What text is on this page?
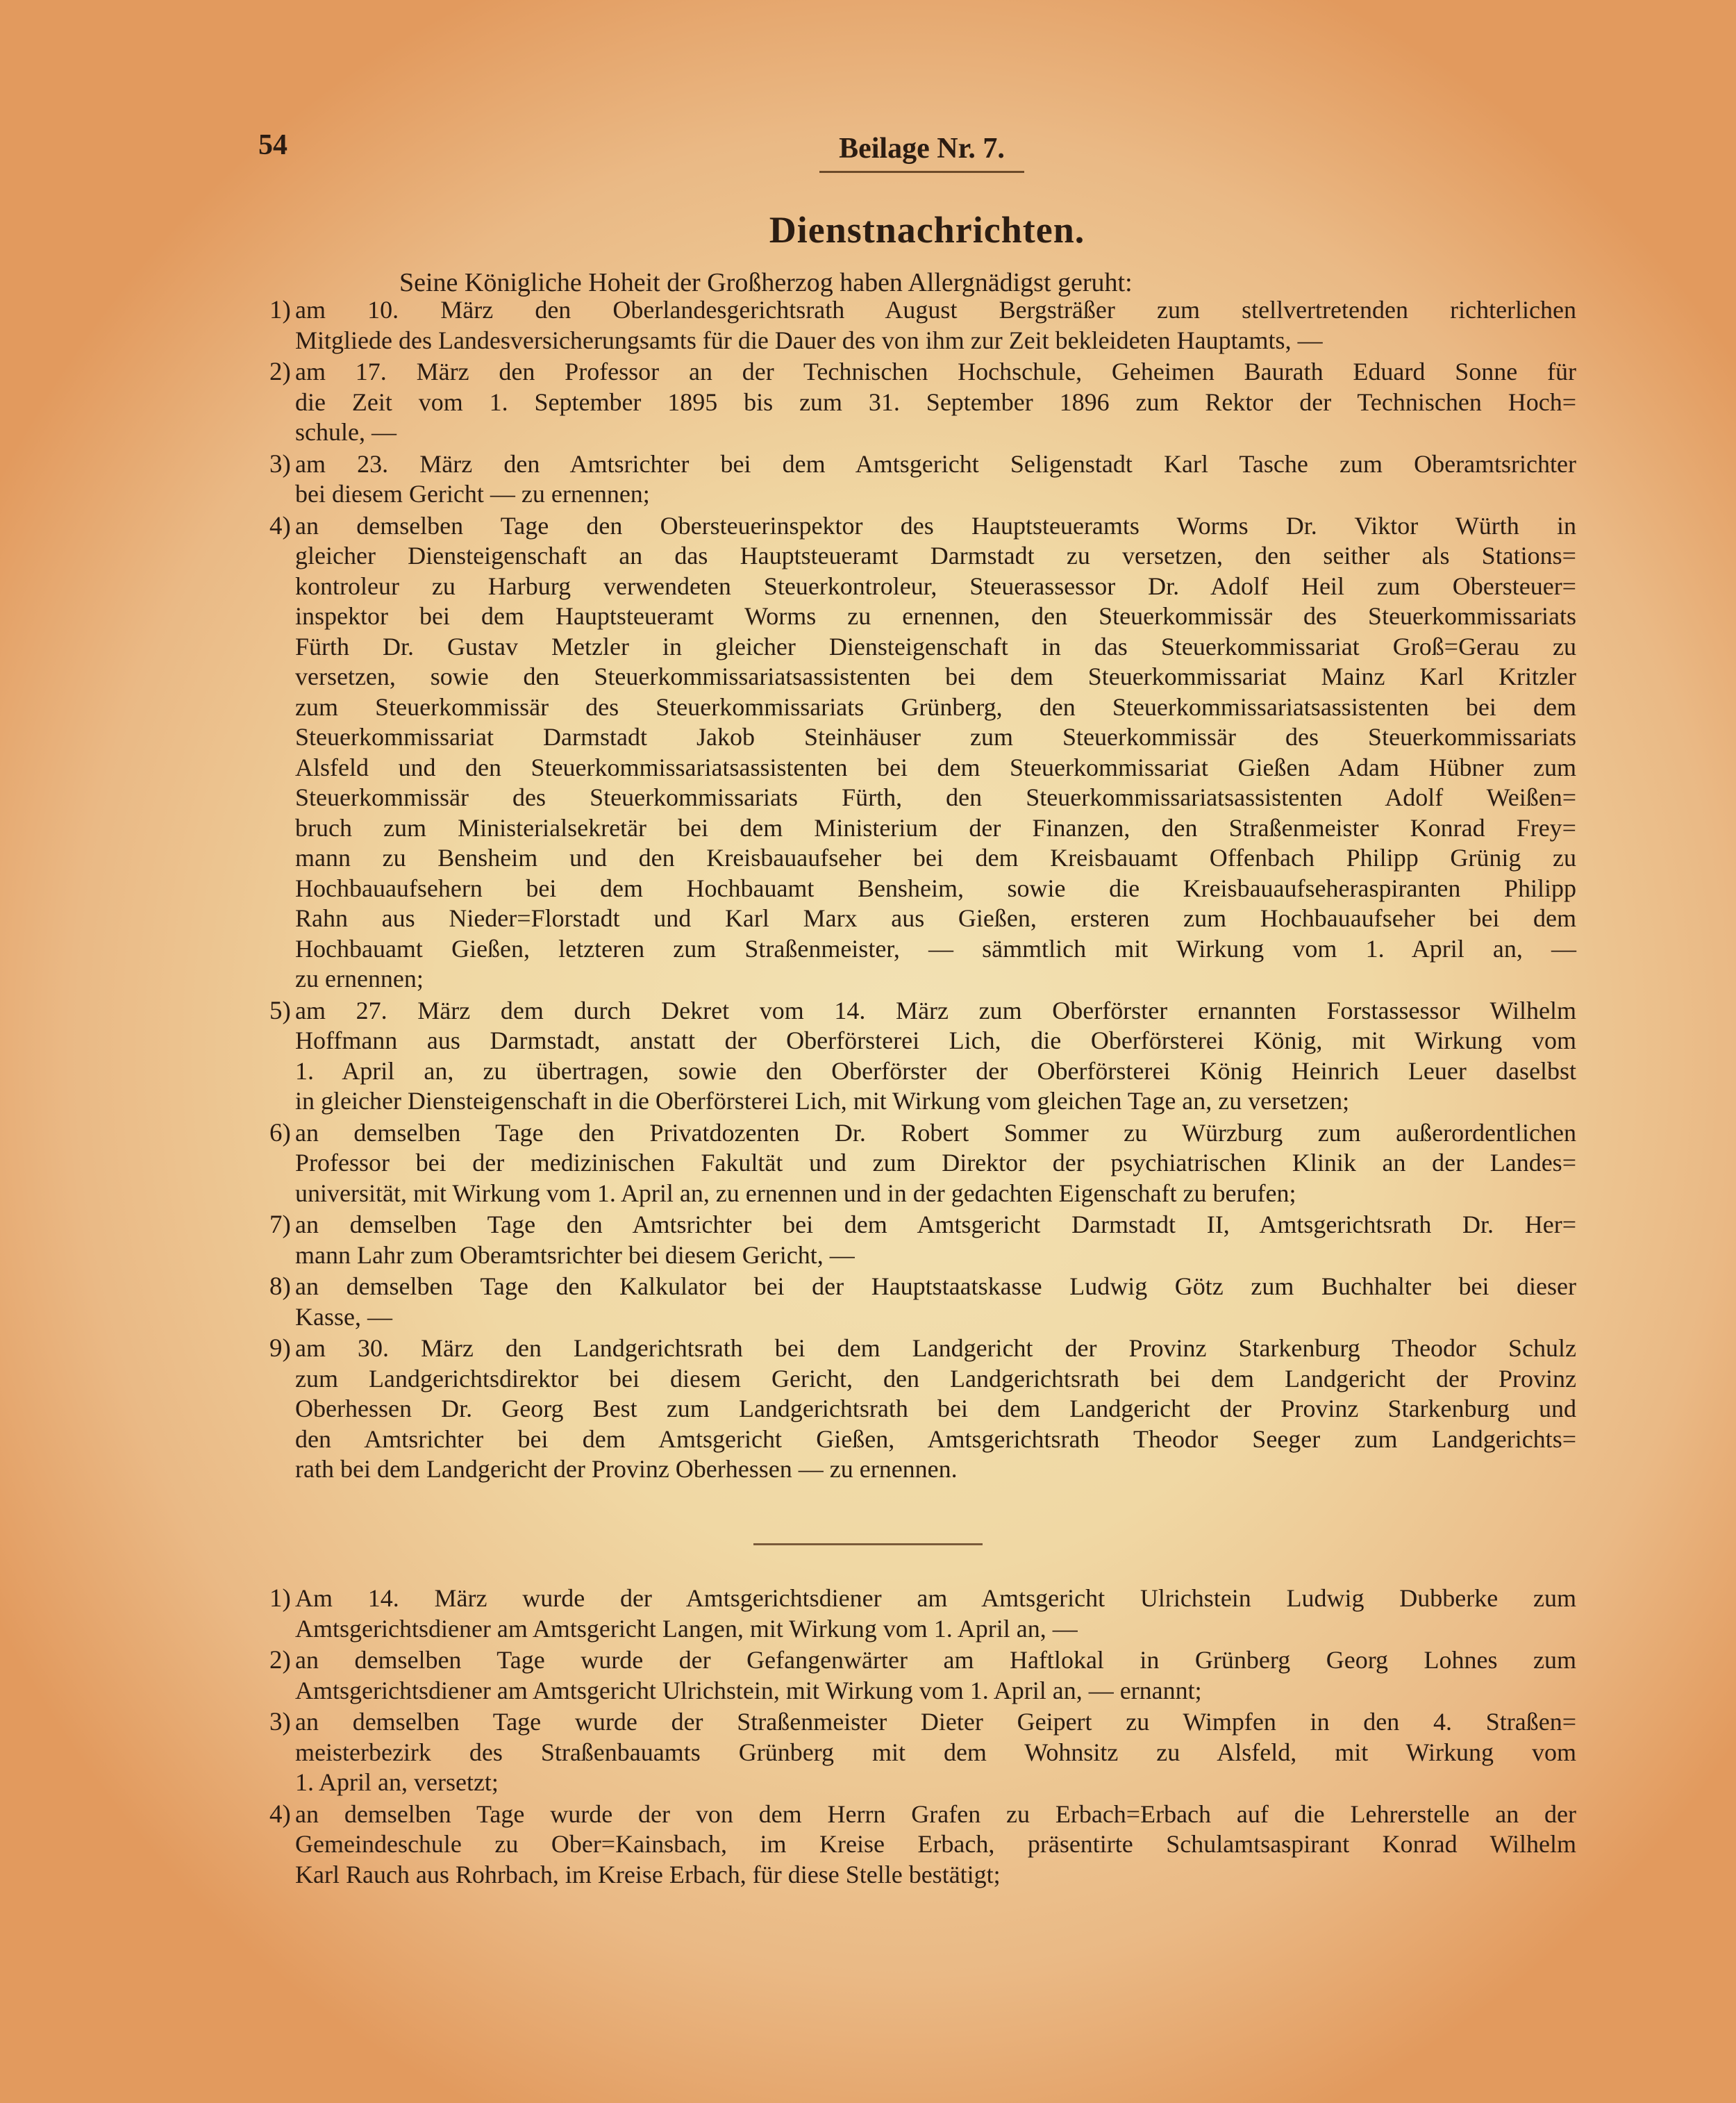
54	Beilage Nr. 7.
Dienstnachrichten.
Seine Königliche Hoheit der Großherzog haben Allergnädigst geruht:
1) am 10. März den Oberlandesgerichtsrath August Bergsträßer zum stellvertretenden richterlichen
Mitgliede des Landesversicherungsamts für die Dauer des von ihm zur Zeit bekleideten Hauptamts, —
2) am 17. März den Professor an der Technischen Hochschule, Geheimen Baurath Eduard Sonne für
die Zeit vom 1. September 1895 bis zum 31. September 1896 zum Rektor der Technischen Hoch=
schule, —
3) am 23. März den Amtsrichter bei dem Amtsgericht Seligenstadt Karl Tasche zum Oberamtsrichter
bei diesem Gericht — zu ernennen;
4) an demselben Tage den Obersteuerinspektor des Hauptsteueramts Worms Dr. Viktor Würth in
gleicher Diensteigenschaft an das Hauptsteueramt Darmstadt zu versetzen, den seither als Stations=
kontroleur zu Harburg verwendeten Steuerkontroleur, Steuerassessor Dr. Adolf Heil zum Obersteuer=
inspektor bei dem Hauptsteueramt Worms zu ernennen, den Steuerkommissär des Steuerkommissariats
Fürth Dr. Gustav Metzler in gleicher Diensteigenschaft in das Steuerkommissariat Groß=Gerau zu
versetzen, sowie den Steuerkommissariatsassistenten bei dem Steuerkommissariat Mainz Karl Kritzler
zum Steuerkommissär des Steuerkommissariats Grünberg, den Steuerkommissariatsassistenten bei dem
Steuerkommissariat Darmstadt Jakob Steinhäuser zum Steuerkommissär des Steuerkommissariats
Alsfeld und den Steuerkommissariatsassistenten bei dem Steuerkommissariat Gießen Adam Hübner zum
Steuerkommissär des Steuerkommissariats Fürth, den Steuerkommissariatsassistenten Adolf Weißen=
bruch zum Ministerialsekretär bei dem Ministerium der Finanzen, den Straßenmeister Konrad Frey=
mann zu Bensheim und den Kreisbauaufseher bei dem Kreisbauamt Offenbach Philipp Grünig zu
Hochbauaufsehern bei dem Hochbauamt Bensheim, sowie die Kreisbauaufseheraspiranten Philipp
Rahn aus Nieder=Florstadt und Karl Marx aus Gießen, ersteren zum Hochbauaufseher bei dem
Hochbauamt Gießen, letzteren zum Straßenmeister, — sämmtlich mit Wirkung vom 1. April an, —
zu ernennen;
5) am 27. März dem durch Dekret vom 14. März zum Oberförster ernannten Forstassessor Wilhelm
Hoffmann aus Darmstadt, anstatt der Oberförsterei Lich, die Oberförsterei König, mit Wirkung vom
1. April an, zu übertragen, sowie den Oberförster der Oberförsterei König Heinrich Leuer daselbst
in gleicher Diensteigenschaft in die Oberförsterei Lich, mit Wirkung vom gleichen Tage an, zu versetzen;
6) an demselben Tage den Privatdozenten Dr. Robert Sommer zu Würzburg zum außerordentlichen
Professor bei der medizinischen Fakultät und zum Direktor der psychiatrischen Klinik an der Landes=
universität, mit Wirkung vom 1. April an, zu ernennen und in der gedachten Eigenschaft zu berufen;
7) an demselben Tage den Amtsrichter bei dem Amtsgericht Darmstadt II, Amtsgerichtsrath Dr. Her=
mann Lahr zum Oberamtsrichter bei diesem Gericht, —
8) an demselben Tage den Kalkulator bei der Hauptstaatskasse Ludwig Götz zum Buchhalter bei dieser
Kasse, —
9) am 30. März den Landgerichtsrath bei dem Landgericht der Provinz Starkenburg Theodor Schulz
zum Landgerichtsdirektor bei diesem Gericht, den Landgerichtsrath bei dem Landgericht der Provinz
Oberhessen Dr. Georg Best zum Landgerichtsrath bei dem Landgericht der Provinz Starkenburg und
den Amtsrichter bei dem Amtsgericht Gießen, Amtsgerichtsrath Theodor Seeger zum Landgerichts=
rath bei dem Landgericht der Provinz Oberhessen — zu ernennen.
1) Am 14. März wurde der Amtsgerichtsdiener am Amtsgericht Ulrichstein Ludwig Dubberke zum
Amtsgerichtsdiener am Amtsgericht Langen, mit Wirkung vom 1. April an, —
2) an demselben Tage wurde der Gefangenwärter am Haftlokal in Grünberg Georg Lohnes zum
Amtsgerichtsdiener am Amtsgericht Ulrichstein, mit Wirkung vom 1. April an, — ernannt;
3) an demselben Tage wurde der Straßenmeister Dieter Geipert zu Wimpfen in den 4. Straßen=
meisterbezirk des Straßenbauamts Grünberg mit dem Wohnsitz zu Alsfeld, mit Wirkung vom
1. April an, versetzt;
4) an demselben Tage wurde der von dem Herrn Grafen zu Erbach=Erbach auf die Lehrerstelle an der
Gemeindeschule zu Ober=Kainsbach, im Kreise Erbach, präsentirte Schulamtsaspirant Konrad Wilhelm
Karl Rauch aus Rohrbach, im Kreise Erbach, für diese Stelle bestätigt;
